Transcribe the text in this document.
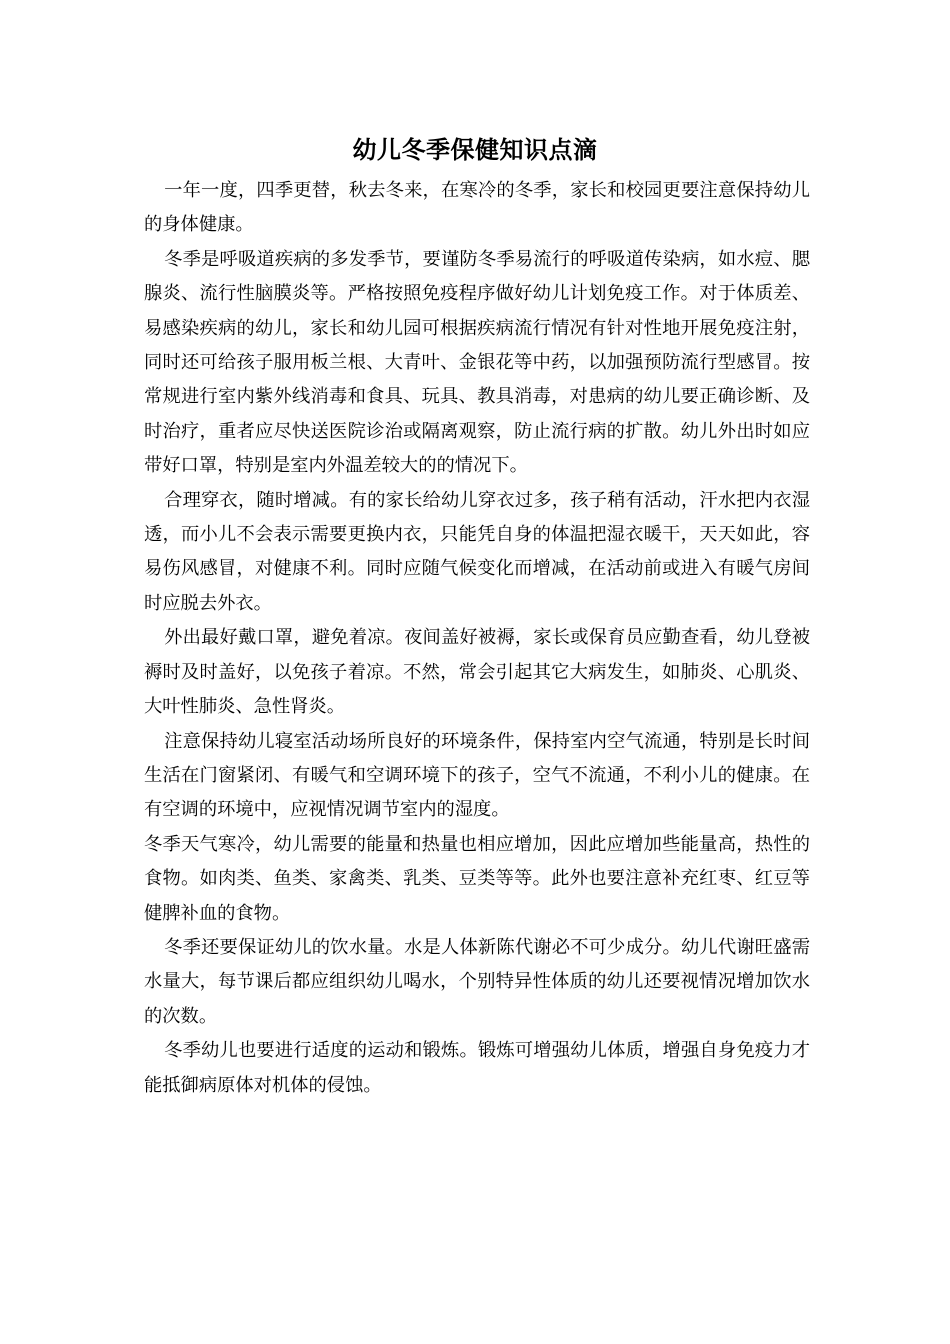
幼儿冬季保健知识点滴

一年一度，四季更替，秋去冬来，在寒冷的冬季，家长和校园更要注意保持幼儿的身体健康。

冬季是呼吸道疾病的多发季节，要谨防冬季易流行的呼吸道传染病，如水痘、腮腺炎、流行性脑膜炎等。严格按照免疫程序做好幼儿计划免疫工作。对于体质差、易感染疾病的幼儿，家长和幼儿园可根据疾病流行情况有针对性地开展免疫注射，同时还可给孩子服用板兰根、大青叶、金银花等中药，以加强预防流行型感冒。按常规进行室内紫外线消毒和食具、玩具、教具消毒，对患病的幼儿要正确诊断、及时治疗，重者应尽快送医院诊治或隔离观察，防止流行病的扩散。幼儿外出时如应带好口罩，特别是室内外温差较大的的情况下。

合理穿衣，随时增减。有的家长给幼儿穿衣过多，孩子稍有活动，汗水把内衣湿透，而小儿不会表示需要更换内衣，只能凭自身的体温把湿衣暖干，天天如此，容易伤风感冒，对健康不利。同时应随气候变化而增减，在活动前或进入有暖气房间时应脱去外衣。

外出最好戴口罩，避免着凉。夜间盖好被褥，家长或保育员应勤查看，幼儿登被褥时及时盖好，以免孩子着凉。不然，常会引起其它大病发生，如肺炎、心肌炎、大叶性肺炎、急性肾炎。

注意保持幼儿寝室活动场所良好的环境条件，保持室内空气流通，特别是长时间生活在门窗紧闭、有暖气和空调环境下的孩子，空气不流通，不利小儿的健康。在有空调的环境中，应视情况调节室内的湿度。

冬季天气寒冷，幼儿需要的能量和热量也相应增加，因此应增加些能量高，热性的食物。如肉类、鱼类、家禽类、乳类、豆类等等。此外也要注意补充红枣、红豆等健脾补血的食物。

冬季还要保证幼儿的饮水量。水是人体新陈代谢必不可少成分。幼儿代谢旺盛需水量大，每节课后都应组织幼儿喝水，个别特异性体质的幼儿还要视情况增加饮水的次数。

冬季幼儿也要进行适度的运动和锻炼。锻炼可增强幼儿体质，增强自身免疫力才能抵御病原体对机体的侵蚀。
